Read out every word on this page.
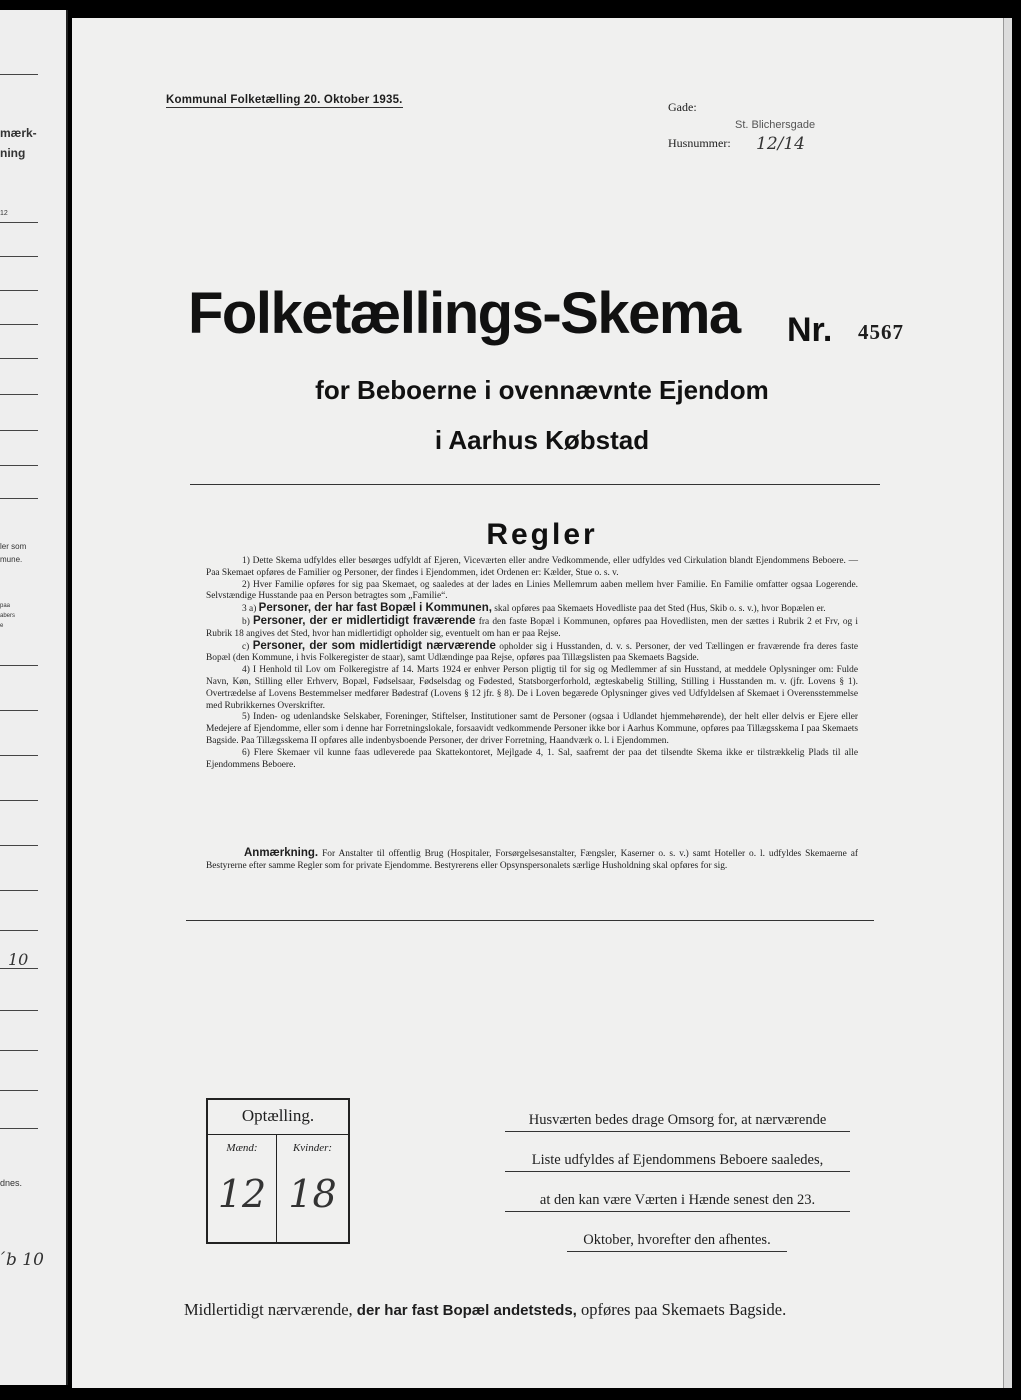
mærk-
ning
12
ler som
mune.
paa
abers
e
10
dnes.
́b 10
Kommunal Folketælling 20. Oktober 1935.	Gade:
St. Blichersgade
Husnummer: 12/14
Folketællings-Skema Nr. 4567
for Beboerne i ovennævnte Ejendom
i Aarhus Købstad
Regler

1) Dette Skema udfyldes eller besørges udfyldt af Ejeren, Viceværten eller andre Vedkommende, eller udfyldes ved Cirkulation blandt Ejendommens Beboere. — Paa Skemaet opføres de Familier og Personer, der findes i Ejendommen, idet Ordenen er: Kælder, Stue o. s. v.

2) Hver Familie opføres for sig paa Skemaet, og saaledes at der lades en Linies Mellemrum aaben mellem hver Familie. En Familie omfatter ogsaa Logerende. Selvstændige Husstande paa en Person betragtes som „Familie“.

3 a) Personer, der har fast Bopæl i Kommunen, skal opføres paa Skemaets Hovedliste paa det Sted (Hus, Skib o. s. v.), hvor Bopælen er.

b) Personer, der er midlertidigt fraværende fra den faste Bopæl i Kommunen, opføres paa Hovedlisten, men der sættes i Rubrik 2 et Frv, og i Rubrik 18 angives det Sted, hvor han midlertidigt opholder sig, eventuelt om han er paa Rejse.

c) Personer, der som midlertidigt nærværende opholder sig i Husstanden, d. v. s. Personer, der ved Tællingen er fraværende fra deres faste Bopæl (den Kommune, i hvis Folkeregister de staar), samt Udlændinge paa Rejse, opføres paa Tillægslisten paa Skemaets Bagside.

4) I Henhold til Lov om Folkeregistre af 14. Marts 1924 er enhver Person pligtig til for sig og Medlemmer af sin Husstand, at meddele Oplysninger om: Fulde Navn, Køn, Stilling eller Erhverv, Bopæl, Fødselsaar, Fødselsdag og Fødested, Statsborgerforhold, ægteskabelig Stilling, Stilling i Husstanden m. v. (jfr. Lovens § 1). Overtrædelse af Lovens Bestemmelser medfører Bødestraf (Lovens § 12 jfr. § 8). De i Loven begærede Oplysninger gives ved Udfyldelsen af Skemaet i Overensstemmelse med Rubrikkernes Overskrifter.

5) Inden- og udenlandske Selskaber, Foreninger, Stiftelser, Institutioner samt de Personer (ogsaa i Udlandet hjemmehørende), der helt eller delvis er Ejere eller Medejere af Ejendomme, eller som i denne har Forretningslokale, forsaavidt vedkommende Personer ikke bor i Aarhus Kommune, opføres paa Tillægsskema I paa Skemaets Bagside. Paa Tillægsskema II opføres alle indenbysboende Personer, der driver Forretning, Haandværk o. l. i Ejendommen.

6) Flere Skemaer vil kunne faas udleverede paa Skattekontoret, Mejlgade 4, 1. Sal, saafremt der paa det tilsendte Skema ikke er tilstrækkelig Plads til alle Ejendommens Beboere.

Anmærkning. For Anstalter til offentlig Brug (Hospitaler, Forsørgelsesanstalter, Fængsler, Kaserner o. s. v.) samt Hoteller o. l. udfyldes Skemaerne af Bestyrerne efter samme Regler som for private Ejendomme. Bestyrerens eller Opsynspersonalets særlige Husholdning skal opføres for sig.
Optælling.
Mænd:	Kvinder:
12 18
Husværten bedes drage Omsorg for, at nærværende
Liste udfyldes af Ejendommens Beboere saaledes,
at den kan være Værten i Hænde senest den 23.
Oktober, hvorefter den afhentes.
Midlertidigt nærværende, der har fast Bopæl andetsteds, opføres paa Skemaets Bagside.
